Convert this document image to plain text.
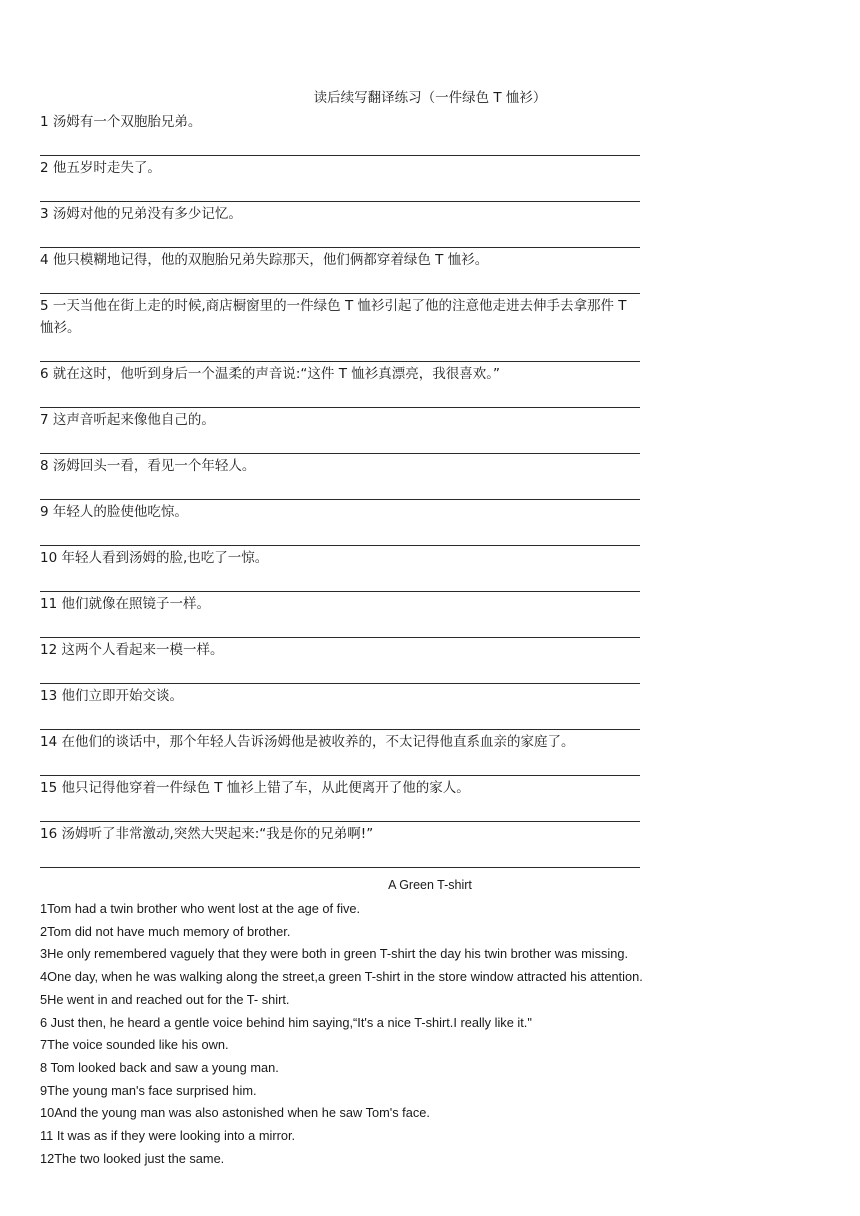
读后续写翻译练习（一件绿色 T 恤衫）
1 汤姆有一个双胞胎兄弟。
2 他五岁时走失了。
3 汤姆对他的兄弟没有多少记忆。
4 他只模糊地记得，他的双胞胎兄弟失踪那天，他们俩都穿着绿色 T 恤衫。
5 一天当他在街上走的时候,商店橱窗里的一件绿色 T 恤衫引起了他的注意他走进去伸手去拿那件 T 恤衫。
6 就在这时，他听到身后一个温柔的声音说:“这件 T 恤衫真漂亮，我很喜欢。”
7 这声音听起来像他自己的。
8 汤姆回头一看，看见一个年轻人。
9 年轻人的脸使他吃惊。
10 年轻人看到汤姆的脸,也吃了一惊。
11 他们就像在照镜子一样。
12 这两个人看起来一模一样。
13 他们立即开始交谈。
14 在他们的谈话中，那个年轻人告诉汤姆他是被收养的，不太记得他直系血亲的家庭了。
15 他只记得他穿着一件绿色 T 恤衫上错了车，从此便离开了他的家人。
16 汤姆听了非常激动,突然大哭起来:“我是你的兄弟啊!”
A Green T-shirt
1Tom had a twin brother who went lost at the age of five.
2Tom did not have much memory of brother.
3He only remembered vaguely that they were both in green T-shirt the day his twin brother was missing.
4One day, when he was walking along the street,a green T-shirt in the store window attracted his attention.
5He went in and reached out for the T- shirt.
6 Just then, he heard a gentle voice behind him saying,“It's a nice T-shirt.I really like it."
7The voice sounded like his own.
8 Tom looked back and saw a young man.
9The young man's face surprised him.
10And the young man was also astonished when he saw Tom's face.
11 It was as if they were looking into a mirror.
12The two looked just the same.
